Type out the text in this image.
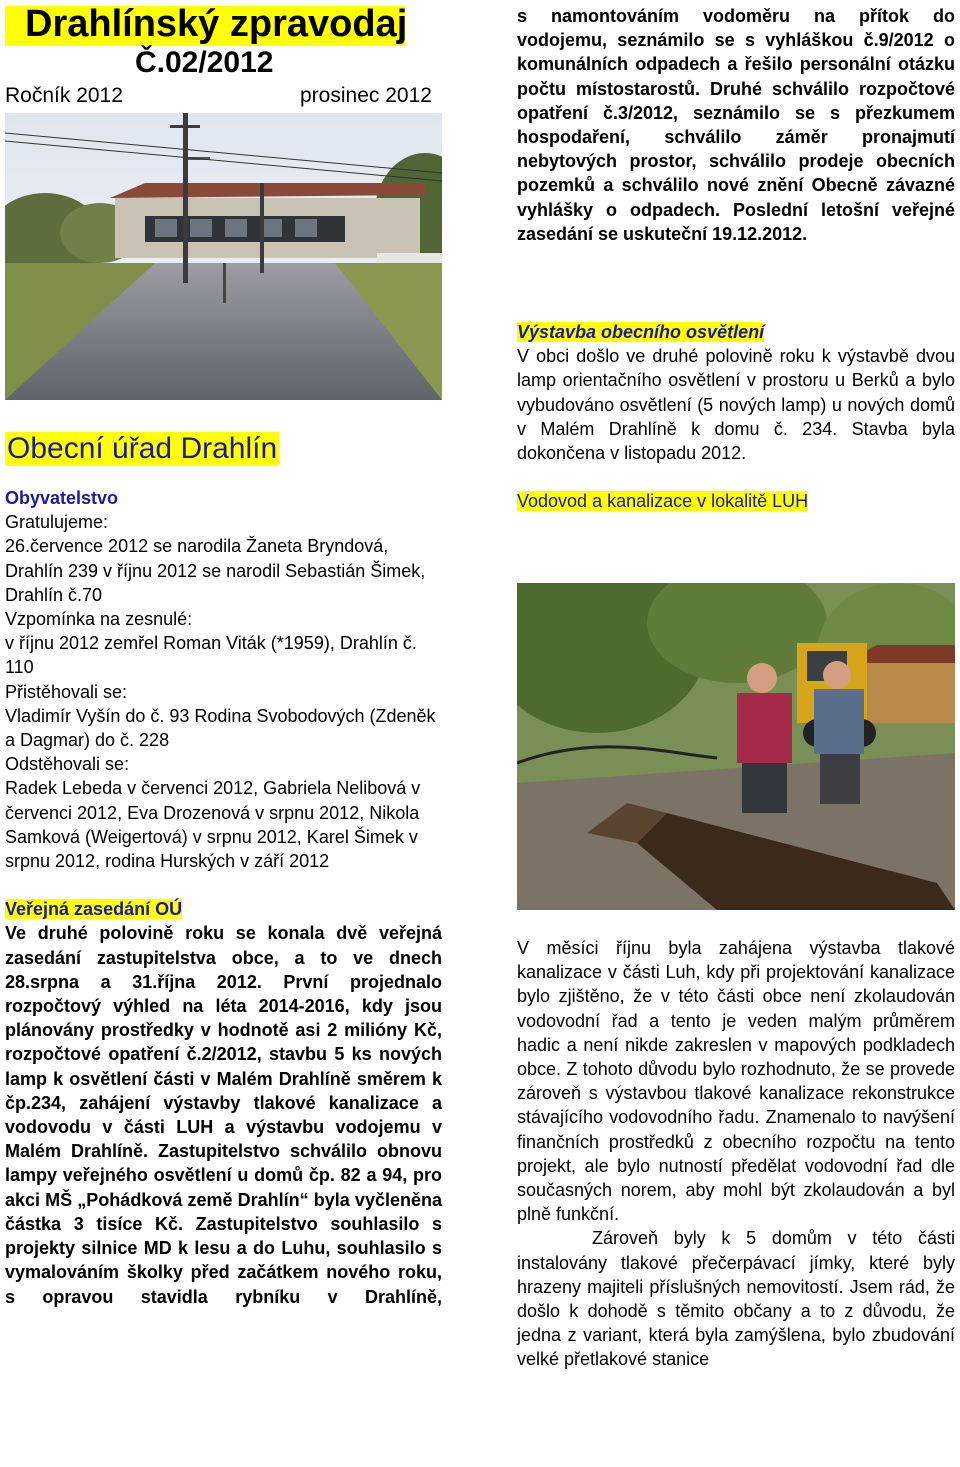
Drahlínský zpravodaj
Č.02/2012
Ročník 2012	prosinec 2012
Obecní úřad Drahlín

Obyvatelstvo

Gratulujeme:

26.července 2012 se narodila Žaneta Bryndová, Drahlín 239 v říjnu 2012 se narodil Sebastián Šimek, Drahlín č.70

Vzpomínka na zesnulé:

v říjnu 2012 zemřel Roman Viták (*1959), Drahlín č. 110

Přistěhovali se:

Vladimír Vyšín do č. 93 Rodina Svobodových (Zdeněk a Dagmar) do č. 228

Odstěhovali se:

Radek Lebeda v červenci 2012, Gabriela Nelibová v červenci 2012, Eva Drozenová v srpnu 2012, Nikola Samková (Weigertová) v srpnu 2012, Karel Šimek v srpnu 2012, rodina Hurských v září 2012

Veřejná zasedání OÚ

Ve druhé polovině roku se konala dvě veřejná zasedání zastupitelstva obce, a to ve dnech 28.srpna a 31.října 2012. První projednalo rozpočtový výhled na léta 2014-2016, kdy jsou plánovány prostředky v hodnotě asi 2 milióny Kč, rozpočtové opatření č.2/2012, stavbu 5 ks nových lamp k osvětlení části v Malém Drahlíně směrem k čp.234, zahájení výstavby tlakové kanalizace a vodovodu v části LUH a výstavbu vodojemu v Malém Drahlíně. Zastupitelstvo schválilo obnovu lampy veřejného osvětlení u domů čp. 82 a 94, pro akci MŠ „Pohádková země Drahlín“ byla vyčleněna částka 3 tisíce Kč. Zastupitelstvo souhlasilo s projekty silnice MD k lesu a do Luhu, souhlasilo s vymalováním školky před začátkem nového roku, s opravou stavidla rybníku v Drahlíně,

s namontováním vodoměru na přítok do vodojemu, seznámilo se s vyhláškou č.9/2012 o komunálních odpadech a řešilo personální otázku počtu místostarostů. Druhé schválilo rozpočtové opatření č.3/2012, seznámilo se s přezkumem hospodaření, schválilo záměr pronajmutí nebytových prostor, schválilo prodeje obecních pozemků a schválilo nové znění Obecně závazné vyhlášky o odpadech. Poslední letošní veřejné zasedání se uskuteční 19.12.2012.

Výstavba obecního osvětlení

V obci došlo ve druhé polovině roku k výstavbě dvou lamp orientačního osvětlení v prostoru u Berků a bylo vybudováno osvětlení (5 nových lamp) u nových domů v Malém Drahlíně k domu č. 234. Stavba byla dokončena v listopadu 2012.

Vodovod a kanalizace v lokalitě LUH

V měsíci říjnu byla zahájena výstavba tlakové kanalizace v části Luh, kdy při projektování kanalizace bylo zjištěno, že v této části obce není zkolaudován vodovodní řad a tento je veden malým průměrem hadic a není nikde zakreslen v mapových podkladech obce. Z tohoto důvodu bylo rozhodnuto, že se provede zároveň s výstavbou tlakové kanalizace rekonstrukce stávajícího vodovodního řadu. Znamenalo to navýšení finančních prostředků z obecního rozpočtu na tento projekt, ale bylo nutností předělat vodovodní řad dle současných norem, aby mohl být zkolaudován a byl plně funkční.

Zároveň byly k 5 domům v této části instalovány tlakové přečerpávací jímky, které byly hrazeny majiteli příslušných nemovitostí. Jsem rád, že došlo k dohodě s těmito občany a to z důvodu, že jedna z variant, která byla zamýšlena, bylo zbudování velké přetlakové stanice
